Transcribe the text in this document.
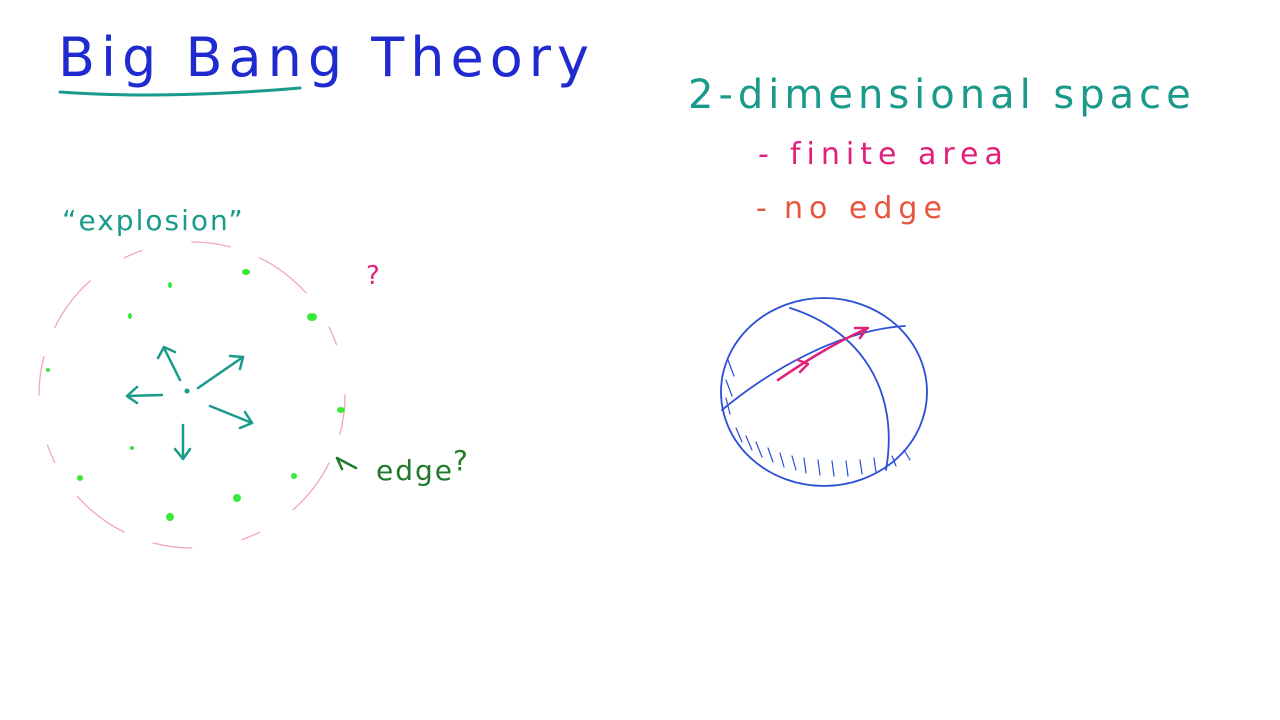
Big Bang Theory
“explosion”
?
edge ?
2-dimensional space
- finite area
- no edge
